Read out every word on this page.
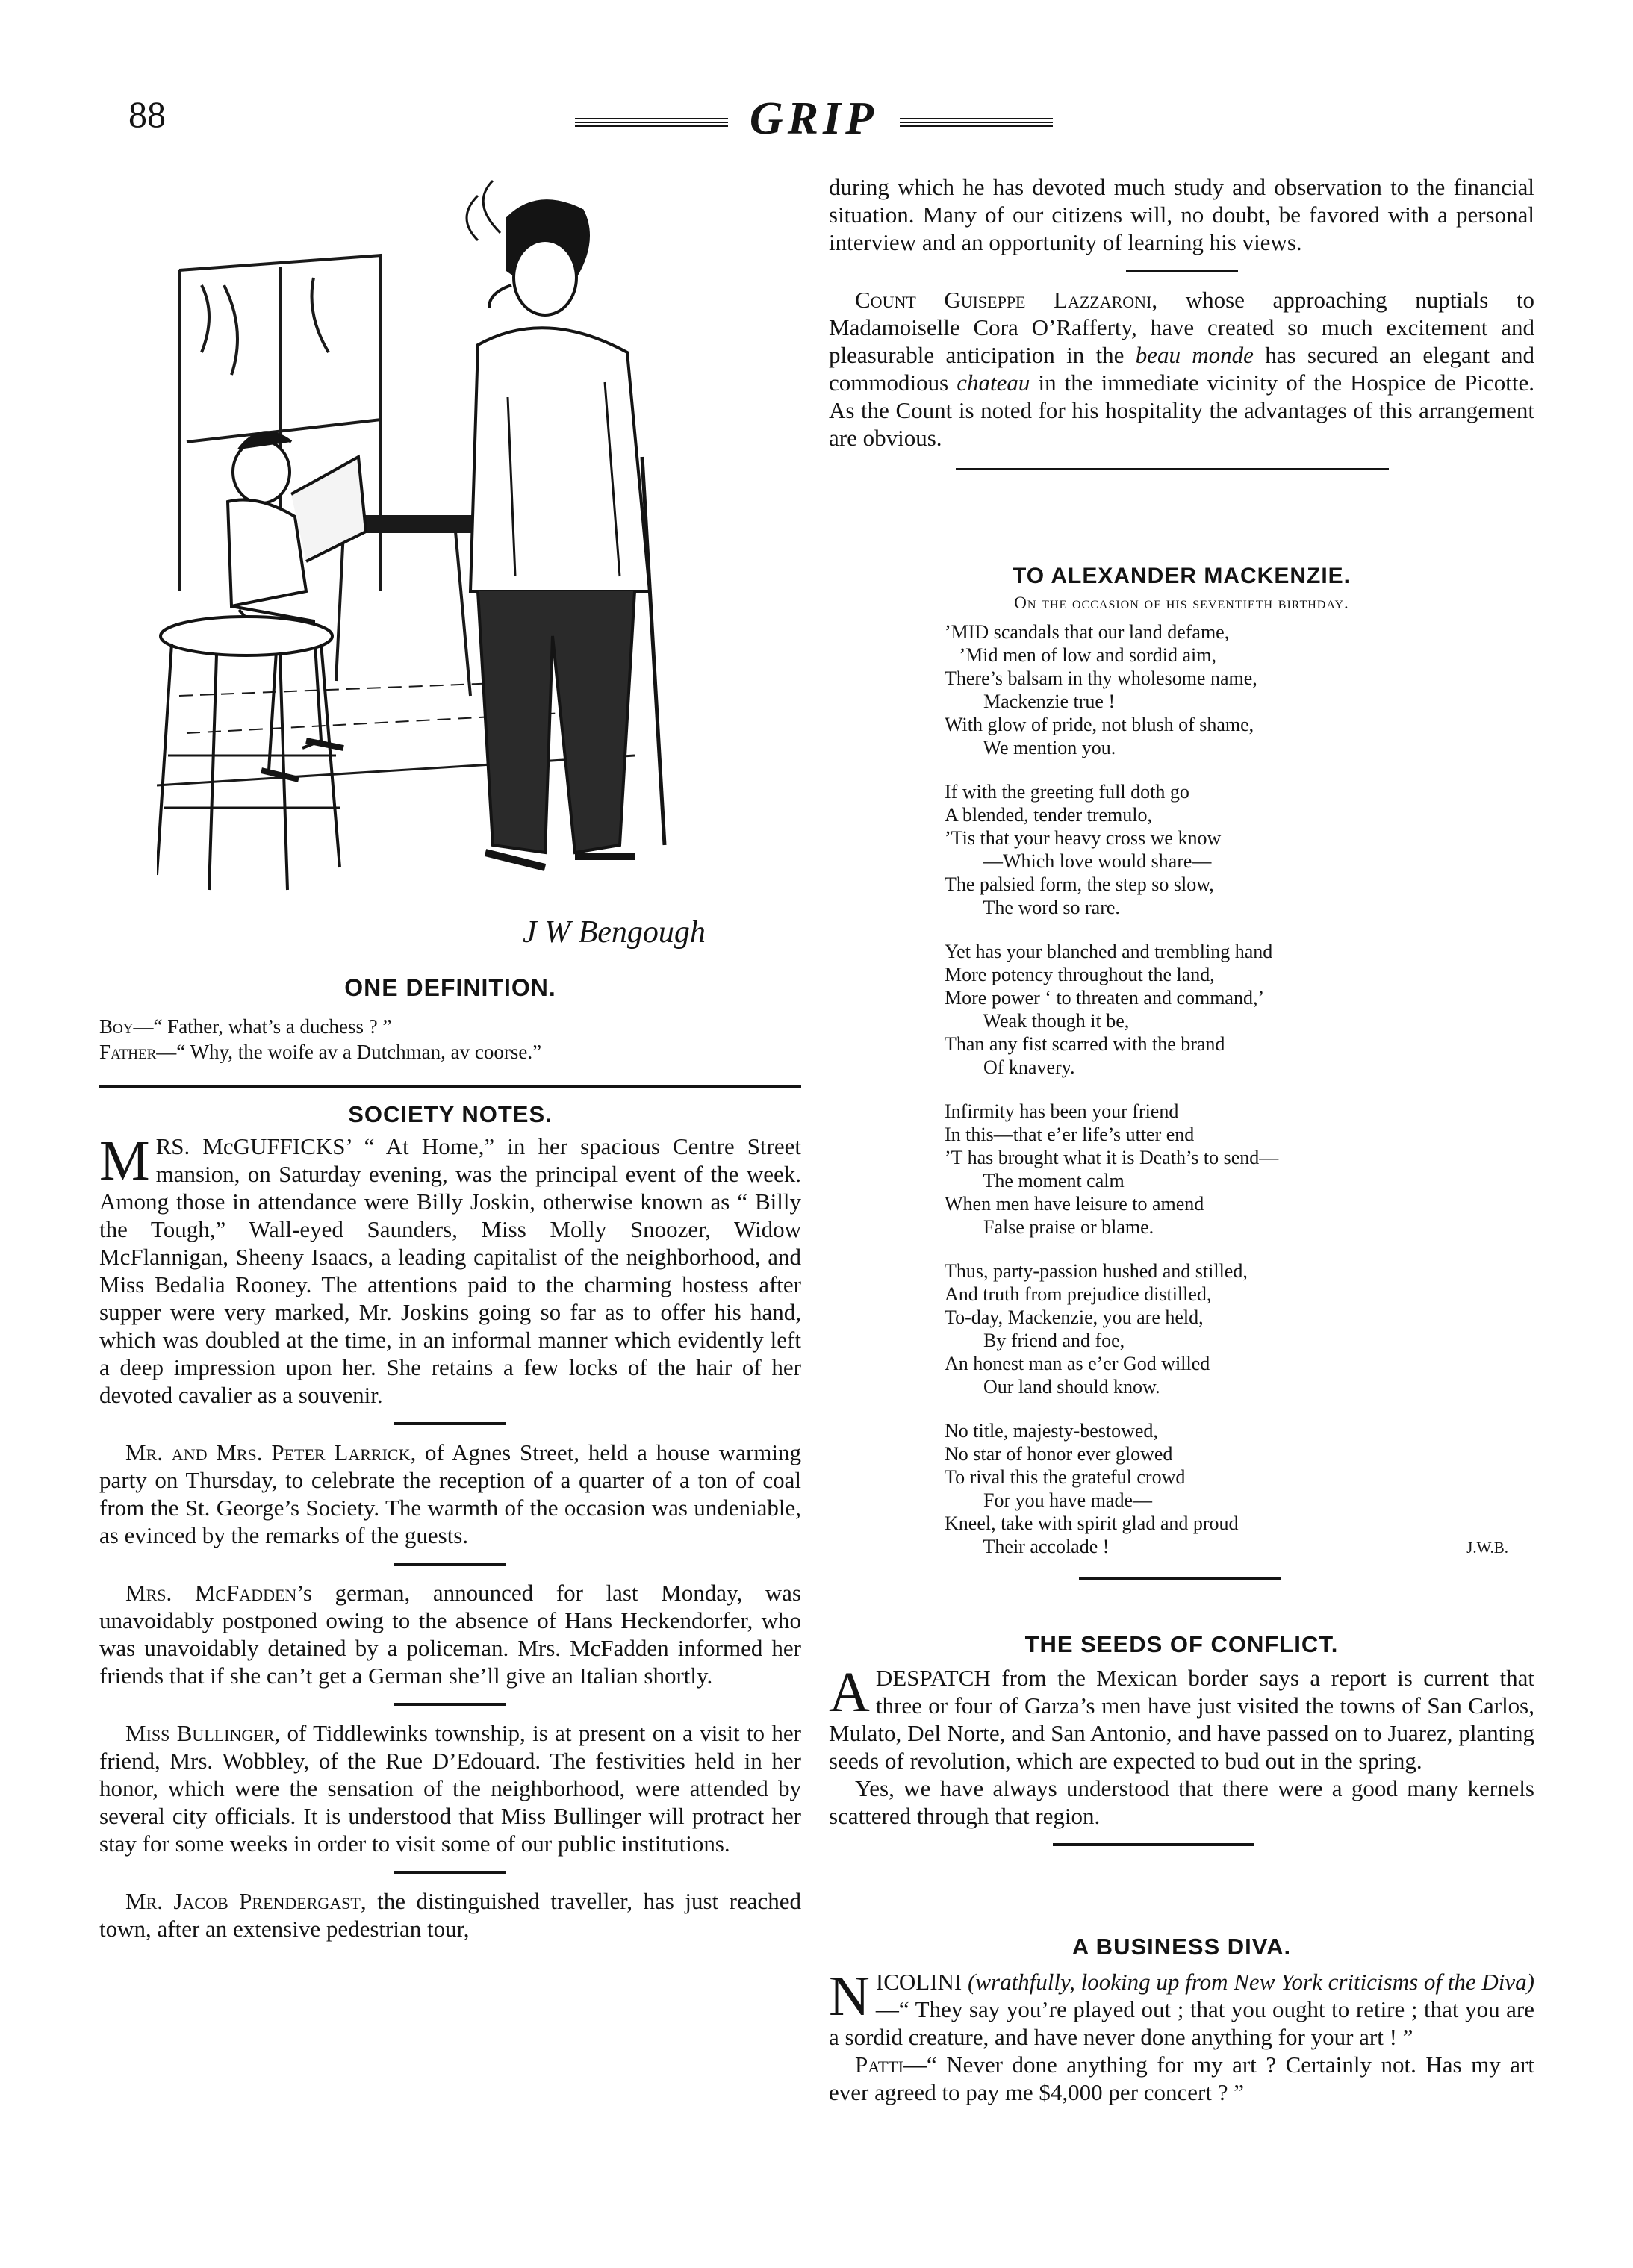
88	GRIP
J W Bengough
ONE DEFINITION.
Boy—“ Father, what’s a duchess ? ”
Father—“ Why, the woife av a Dutchman, av coorse.”
SOCIETY NOTES.

MRS. McGUFFICKS’ “ At Home,” in her spacious Centre Street mansion, on Saturday evening, was the principal event of the week. Among those in attendance were Billy Joskin, otherwise known as “ Billy the Tough,” Wall-eyed Saunders, Miss Molly Snoozer, Widow McFlannigan, Sheeny Isaacs, a leading capitalist of the neighborhood, and Miss Bedalia Rooney. The attentions paid to the charming hostess after supper were very marked, Mr. Joskins going so far as to offer his hand, which was doubled at the time, in an informal manner which evidently left a deep impression upon her. She retains a few locks of the hair of her devoted cavalier as a souvenir.

Mr. and Mrs. Peter Larrick, of Agnes Street, held a house warming party on Thursday, to celebrate the reception of a quarter of a ton of coal from the St. George’s Society. The warmth of the occasion was undeniable, as evinced by the remarks of the guests.

Mrs. McFadden’s german, announced for last Monday, was unavoidably postponed owing to the absence of Hans Heckendorfer, who was unavoidably detained by a policeman. Mrs. McFadden informed her friends that if she can’t get a German she’ll give an Italian shortly.

Miss Bullinger, of Tiddlewinks township, is at present on a visit to her friend, Mrs. Wobbley, of the Rue D’Edouard. The festivities held in her honor, which were the sensation of the neighborhood, were attended by several city officials. It is understood that Miss Bullinger will protract her stay for some weeks in order to visit some of our public institutions.

Mr. Jacob Prendergast, the distinguished traveller, has just reached town, after an extensive pedestrian tour,

during which he has devoted much study and observation to the financial situation. Many of our citizens will, no doubt, be favored with a personal interview and an opportunity of learning his views.

Count Guiseppe Lazzaroni, whose approaching nuptials to Madamoiselle Cora O’Rafferty, have created so much excitement and pleasurable anticipation in the beau monde has secured an elegant and commodious chateau in the immediate vicinity of the Hospice de Picotte. As the Count is noted for his hospitality the advantages of this arrangement are obvious.

TO ALEXANDER MACKENZIE.
On the occasion of his seventieth birthday.
’MID scandals that our land defame,
’Mid men of low and sordid aim,
There’s balsam in thy wholesome name,
Mackenzie true !
With glow of pride, not blush of shame,
We mention you.
If with the greeting full doth go
A blended, tender tremulo,
’Tis that your heavy cross we know
—Which love would share—
The palsied form, the step so slow,
The word so rare.
Yet has your blanched and trembling hand
More potency throughout the land,
More power ‘ to threaten and command,’
Weak though it be,
Than any fist scarred with the brand
Of knavery.
Infirmity has been your friend
In this—that e’er life’s utter end
’T has brought what it is Death’s to send—
The moment calm
When men have leisure to amend
False praise or blame.
Thus, party-passion hushed and stilled,
And truth from prejudice distilled,
To-day, Mackenzie, you are held,
By friend and foe,
An honest man as e’er God willed
Our land should know.
No title, majesty-bestowed,
No star of honor ever glowed
To rival this the grateful crowd
For you have made—
Kneel, take with spirit glad and proud
Their accolade !	J.W.B.
THE SEEDS OF CONFLICT.

A DESPATCH from the Mexican border says a report is current that three or four of Garza’s men have just visited the towns of San Carlos, Mulato, Del Norte, and San Antonio, and have passed on to Juarez, planting seeds of revolution, which are expected to bud out in the spring.

Yes, we have always understood that there were a good many kernels scattered through that region.

A BUSINESS DIVA.

NICOLINI (wrathfully, looking up from New York criticisms of the Diva)—“ They say you’re played out ; that you ought to retire ; that you are a sordid creature, and have never done anything for your art ! ”

Patti—“ Never done anything for my art ? Certainly not. Has my art ever agreed to pay me $4,000 per concert ? ”
